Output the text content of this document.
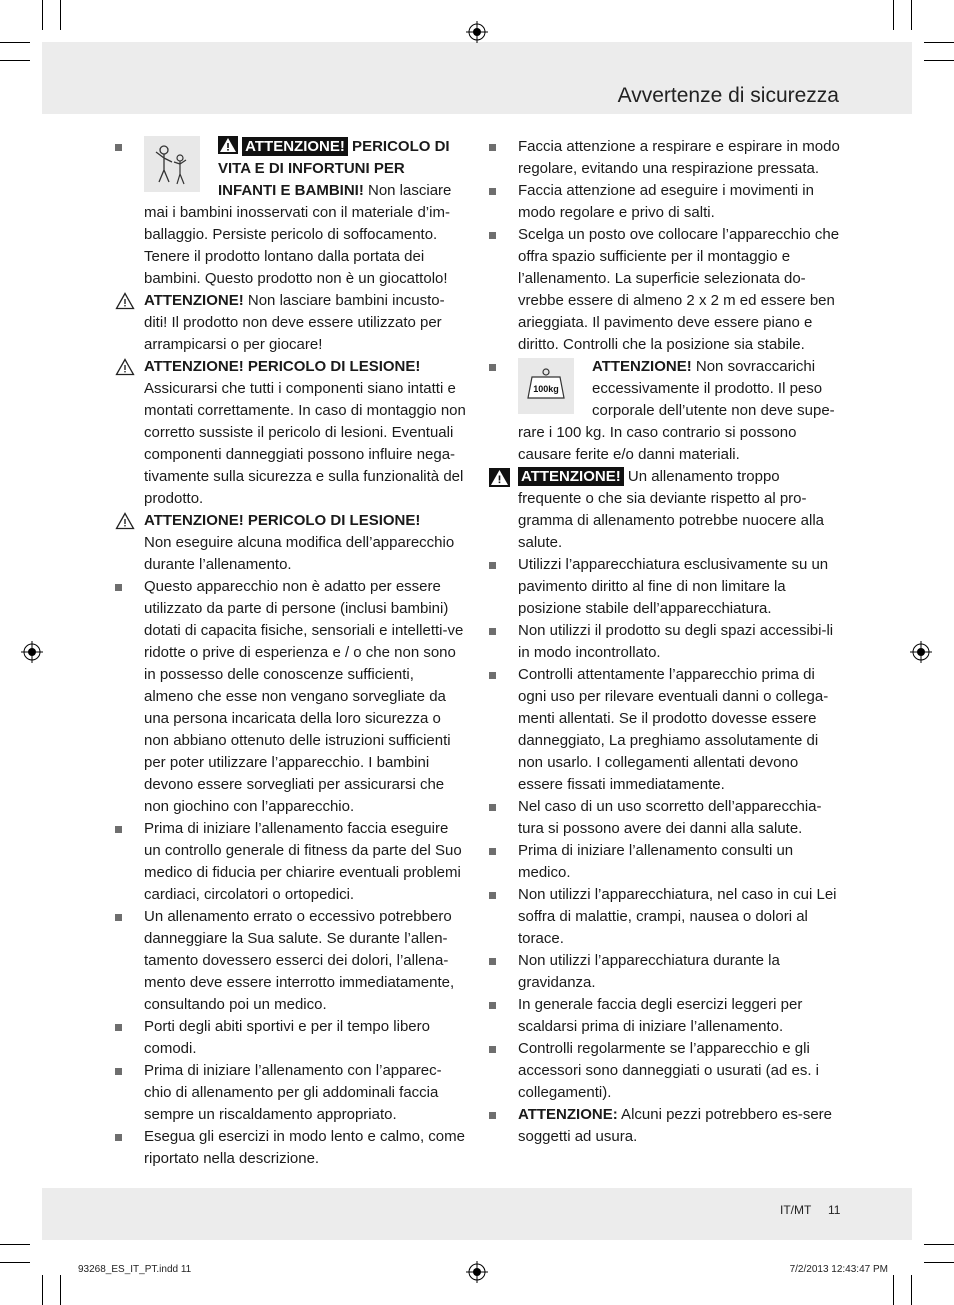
Avvertenze di sicurezza
IT/MT 11
93268_ES_IT_PT.indd 11	7/2/2013 12:43:47 PM
ATTENZIONE! PERICOLO DI VITA E DI INFORTUNI PER INFANTI E BAMBINI! Non lasciare mai i bambini inosservati con il materiale d’im-ballaggio. Persiste pericolo di soffocamento. Tenere il prodotto lontano dalla portata dei bambini. Questo prodotto non è un giocattolo!
ATTENZIONE! Non lasciare bambini incusto-diti! Il prodotto non deve essere utilizzato per arrampicarsi o per giocare!
ATTENZIONE! PERICOLO DI LESIONE!
Assicurarsi che tutti i componenti siano intatti e montati correttamente. In caso di montaggio non corretto sussiste il pericolo di lesioni. Eventuali componenti danneggiati possono influire nega-tivamente sulla sicurezza e sulla funzionalità del prodotto.
ATTENZIONE! PERICOLO DI LESIONE!
Non eseguire alcuna modifica dell’apparecchio durante l’allenamento.
Questo apparecchio non è adatto per essere utilizzato da parte di persone (inclusi bambini) dotati di capacita fisiche, sensoriali e intelletti-ve ridotte o prive di esperienza e / o che non sono in possesso delle conoscenze sufficienti, almeno che esse non vengano sorvegliate da una persona incaricata della loro sicurezza o non abbiano ottenuto delle istruzioni sufficienti per poter utilizzare l’apparecchio. I bambini devono essere sorvegliati per assicurarsi che non giochino con l’apparecchio.
Prima di iniziare l’allenamento faccia eseguire un controllo generale di fitness da parte del Suo medico di fiducia per chiarire eventuali problemi cardiaci, circolatori o ortopedici.
Un allenamento errato o eccessivo potrebbero danneggiare la Sua salute. Se durante l’allen-tamento dovessero esserci dei dolori, l’allena-mento deve essere interrotto immediatamente, consultando poi un medico.
Porti degli abiti sportivi e per il tempo libero comodi.
Prima di iniziare l’allenamento con l’apparec-chio di allenamento per gli addominali faccia sempre un riscaldamento appropriato.
Esegua gli esercizi in modo lento e calmo, come riportato nella descrizione.
Faccia attenzione a respirare e espirare in modo regolare, evitando una respirazione pressata.
Faccia attenzione ad eseguire i movimenti in modo regolare e privo di salti.
Scelga un posto ove collocare l’apparecchio che offra spazio sufficiente per il montaggio e l’allenamento. La superficie selezionata do-vrebbe essere di almeno 2 x 2 m ed essere ben arieggiata. Il pavimento deve essere piano e diritto. Controlli che la posizione sia stabile.
100kg
ATTENZIONE! Non sovraccarichi eccessivamente il prodotto. Il peso corporale dell’utente non deve supe-rare i 100 kg. In caso contrario si possono causare ferite e/o danni materiali.
ATTENZIONE! Un allenamento troppo frequente o che sia deviante rispetto al pro-gramma di allenamento potrebbe nuocere alla salute.
Utilizzi l’apparecchiatura esclusivamente su un pavimento diritto al fine di non limitare la posizione stabile dell’apparecchiatura.
Non utilizzi il prodotto su degli spazi accessibi-li in modo incontrollato.
Controlli attentamente l’apparecchio prima di ogni uso per rilevare eventuali danni o collega-menti allentati. Se il prodotto dovesse essere danneggiato, La preghiamo assolutamente di non usarlo. I collegamenti allentati devono essere fissati immediatamente.
Nel caso di un uso scorretto dell’apparecchia-tura si possono avere dei danni alla salute.
Prima di iniziare l’allenamento consulti un medico.
Non utilizzi l’apparecchiatura, nel caso in cui Lei soffra di malattie, crampi, nausea o dolori al torace.
Non utilizzi l’apparecchiatura durante la gravidanza.
In generale faccia degli esercizi leggeri per scaldarsi prima di iniziare l’allenamento.
Controlli regolarmente se l’apparecchio e gli accessori sono danneggiati o usurati (ad es. i collegamenti).
ATTENZIONE: Alcuni pezzi potrebbero es-sere soggetti ad usura.
